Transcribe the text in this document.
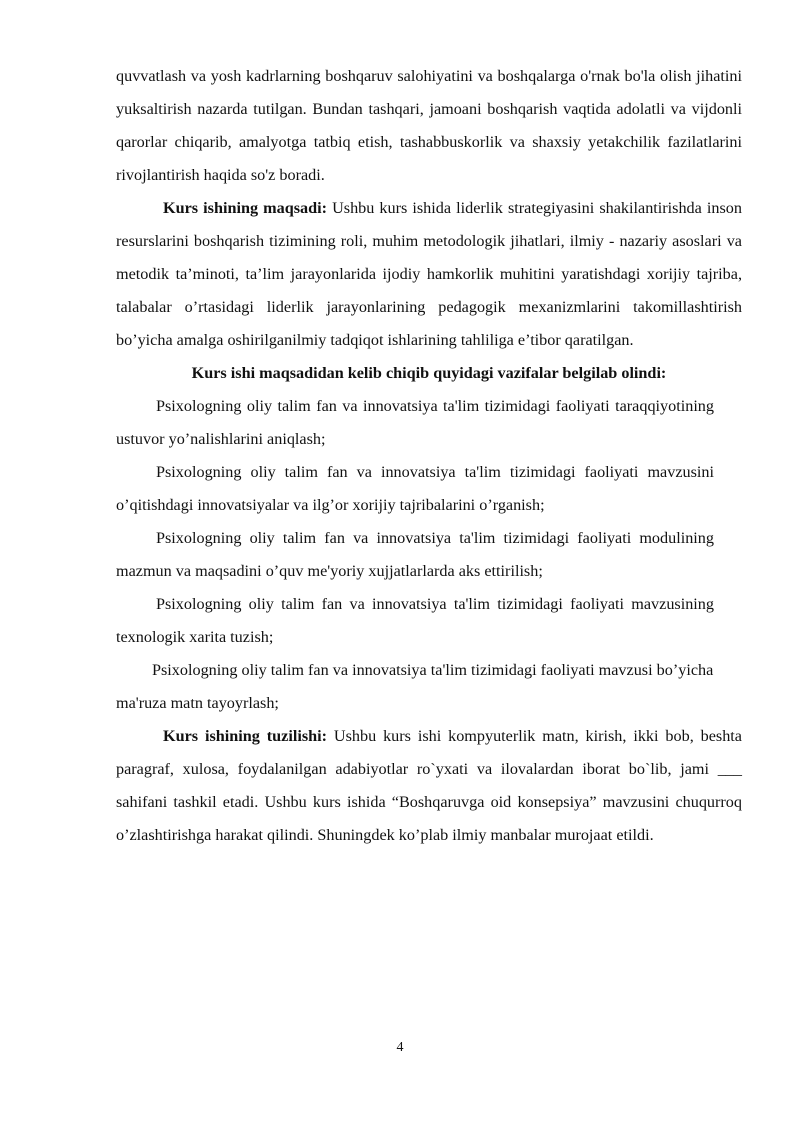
quvvatlash va yosh kadrlarning boshqaruv salohiyatini va boshqalarga o'rnak bo'la olish jihatini yuksaltirish nazarda tutilgan. Bundan tashqari, jamoani boshqarish vaqtida adolatli va vijdonli qarorlar chiqarib, amalyotga tatbiq etish, tashabbuskorlik va shaxsiy yetakchilik fazilatlarini rivojlantirish haqida so'z boradi.

Kurs ishining maqsadi: Ushbu kurs ishida liderlik strategiyasini shakilantirishda inson resurslarini boshqarish tizimining roli, muhim metodologik jihatlari, ilmiy - nazariy asoslari va metodik ta’minoti, ta’lim jarayonlarida ijodiy hamkorlik muhitini yaratishdagi xorijiy tajriba, talabalar o’rtasidagi liderlik jarayonlarining pedagogik mexanizmlarini takomillashtirish bo’yicha amalga oshirilganilmiy tadqiqot ishlarining tahliliga e’tibor qaratilgan.

Kurs ishi maqsadidan kelib chiqib quyidagi vazifalar belgilab olindi:

Psixologning oliy talim fan va innovatsiya ta'lim tizimidagi faoliyati taraqqiyotining ustuvor yo’nalishlarini aniqlash;

Psixologning oliy talim fan va innovatsiya ta'lim tizimidagi faoliyati mavzusini o’qitishdagi innovatsiyalar va ilg’or xorijiy tajribalarini o’rganish;

Psixologning oliy talim fan va innovatsiya ta'lim tizimidagi faoliyati modulining mazmun va maqsadini o’quv me'yoriy xujjatlarlarda aks ettirilish;

Psixologning oliy talim fan va innovatsiya ta'lim tizimidagi faoliyati mavzusining texnologik xarita tuzish;

Psixologning oliy talim fan va innovatsiya ta'lim tizimidagi faoliyati mavzusi bo’yicha ma'ruza matn tayoyrlash;

Kurs ishining tuzilishi: Ushbu kurs ishi kompyuterlik matn, kirish, ikki bob, beshta paragraf, xulosa, foydalanilgan adabiyotlar ro`yxati va ilovalardan iborat bo`lib, jami ___ sahifani tashkil etadi. Ushbu kurs ishida “Boshqaruvga oid konsepsiya” mavzusini chuqurroq o’zlashtirishga harakat qilindi. Shuningdek ko’plab ilmiy manbalar murojaat etildi.

4
